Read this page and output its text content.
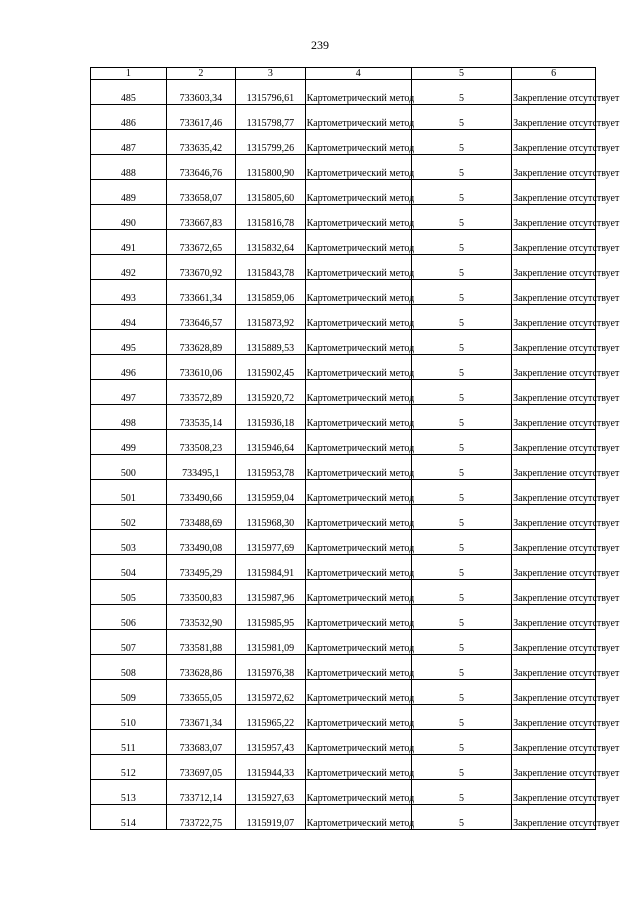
239
1	2	3	4	5	6
485	733603,34	1315796,61	Картометрический метод	5	Закрепление отсутствует
486	733617,46	1315798,77	Картометрический метод	5	Закрепление отсутствует
487	733635,42	1315799,26	Картометрический метод	5	Закрепление отсутствует
488	733646,76	1315800,90	Картометрический метод	5	Закрепление отсутствует
489	733658,07	1315805,60	Картометрический метод	5	Закрепление отсутствует
490	733667,83	1315816,78	Картометрический метод	5	Закрепление отсутствует
491	733672,65	1315832,64	Картометрический метод	5	Закрепление отсутствует
492	733670,92	1315843,78	Картометрический метод	5	Закрепление отсутствует
493	733661,34	1315859,06	Картометрический метод	5	Закрепление отсутствует
494	733646,57	1315873,92	Картометрический метод	5	Закрепление отсутствует
495	733628,89	1315889,53	Картометрический метод	5	Закрепление отсутствует
496	733610,06	1315902,45	Картометрический метод	5	Закрепление отсутствует
497	733572,89	1315920,72	Картометрический метод	5	Закрепление отсутствует
498	733535,14	1315936,18	Картометрический метод	5	Закрепление отсутствует
499	733508,23	1315946,64	Картометрический метод	5	Закрепление отсутствует
500	733495,1	1315953,78	Картометрический метод	5	Закрепление отсутствует
501	733490,66	1315959,04	Картометрический метод	5	Закрепление отсутствует
502	733488,69	1315968,30	Картометрический метод	5	Закрепление отсутствует
503	733490,08	1315977,69	Картометрический метод	5	Закрепление отсутствует
504	733495,29	1315984,91	Картометрический метод	5	Закрепление отсутствует
505	733500,83	1315987,96	Картометрический метод	5	Закрепление отсутствует
506	733532,90	1315985,95	Картометрический метод	5	Закрепление отсутствует
507	733581,88	1315981,09	Картометрический метод	5	Закрепление отсутствует
508	733628,86	1315976,38	Картометрический метод	5	Закрепление отсутствует
509	733655,05	1315972,62	Картометрический метод	5	Закрепление отсутствует
510	733671,34	1315965,22	Картометрический метод	5	Закрепление отсутствует
511	733683,07	1315957,43	Картометрический метод	5	Закрепление отсутствует
512	733697,05	1315944,33	Картометрический метод	5	Закрепление отсутствует
513	733712,14	1315927,63	Картометрический метод	5	Закрепление отсутствует
514	733722,75	1315919,07	Картометрический метод	5	Закрепление отсутствует
